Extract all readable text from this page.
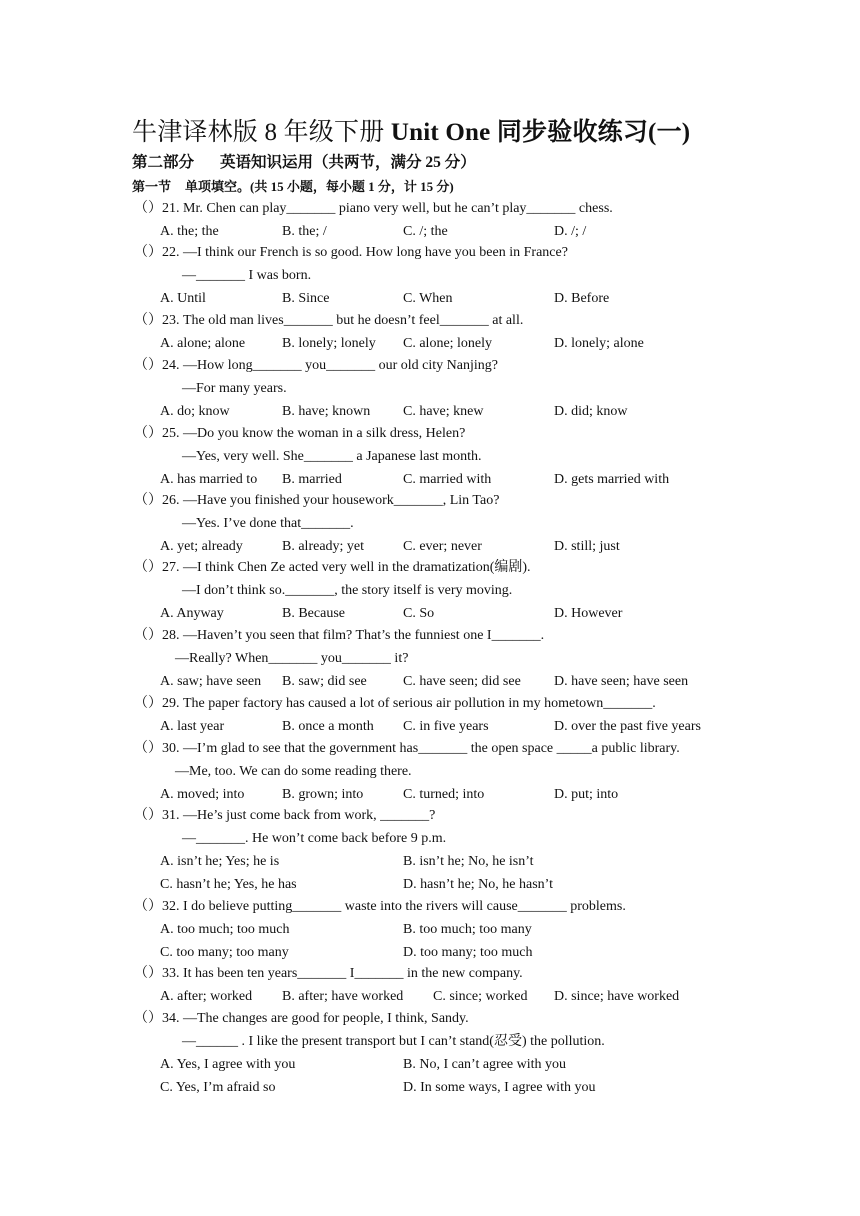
牛津译林版 8 年级下册 Unit One 同步验收练习(一)
第二部分 英语知识运用（共两节，满分 25 分）
第一节 单项填空。(共 15 小题，每小题 1 分，计 15 分)
（）21. Mr. Chen can play_______ piano very well, but he can’t play_______ chess.
A. the; the	B. the; /	C. /; the	D. /; /
（）22. —I think our French is so good. How long have you been in France?
—_______ I was born.
A. Until	B. Since	C. When	D. Before
（）23. The old man lives_______ but he doesn’t feel_______ at all.
A. alone; alone	B. lonely; lonely C. alone; lonely	D. lonely; alone
（）24. —How long_______ you_______ our old city Nanjing?
—For many years.
A. do; know	B. have; known C. have; knew	D. did; know
（）25. —Do you know the woman in a silk dress, Helen?
—Yes, very well. She_______ a Japanese last month.
A. has married to B. married	C. married with	D. gets married with
（）26. —Have you finished your housework_______, Lin Tao?
—Yes. I’ve done that_______.
A. yet; already	B. already; yet	C. ever; never	D. still; just
（）27. —I think Chen Ze acted very well in the dramatization(编剧).
—I don’t think so._______, the story itself is very moving.
A. Anyway	B. Because	C. So	D. However
（）28. —Haven’t you seen that film? That’s the funniest one I_______.
—Really? When_______ you_______ it?
A. saw; have seen B. saw; did see	C. have seen; did see D. have seen; have seen
（）29. The paper factory has caused a lot of serious air pollution in my hometown_______.
A. last year	B. once a month C. in five years	D. over the past five years
（）30. —I’m glad to see that the government has_______ the open space _____a public library.
—Me, too. We can do some reading there.
A. moved; into	B. grown; into	C. turned; into	D. put; into
（）31. —He’s just come back from work, _______?
—_______. He won’t come back before 9 p.m.
A. isn’t he; Yes; he is	B. isn’t he; No, he isn’t
C. hasn’t he; Yes, he has	D. hasn’t he; No, he hasn’t
（）32. I do believe putting_______ waste into the rivers will cause_______ problems.
A. too much; too much	B. too much; too many
C. too many; too many	D. too many; too much
（）33. It has been ten years_______ I_______ in the new company.
A. after; worked B. after; have worked C. since; worked D. since; have worked
（）34. —The changes are good for people, I think, Sandy.
—______ . I like the present transport but I can’t stand(忍受) the pollution.
A. Yes, I agree with you	B. No, I can’t agree with you
C. Yes, I’m afraid so	D. In some ways, I agree with you
